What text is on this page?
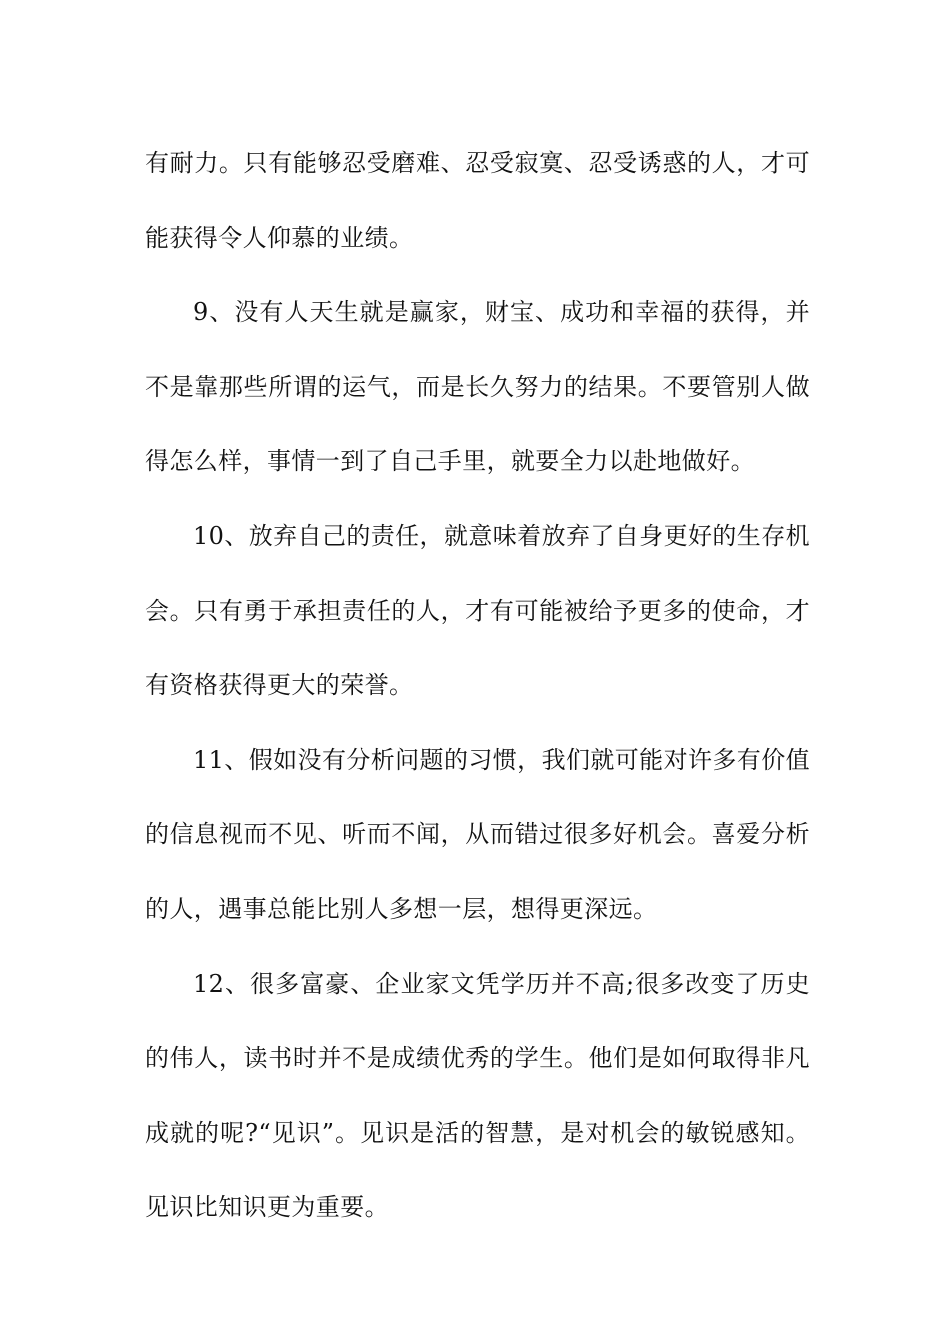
有耐力。只有能够忍受磨难、忍受寂寞、忍受诱惑的人，才可能获得令人仰慕的业绩。

9、没有人天生就是赢家，财宝、成功和幸福的获得，并不是靠那些所谓的运气，而是长久努力的结果。不要管别人做得怎么样，事情一到了自己手里，就要全力以赴地做好。

10、放弃自己的责任，就意味着放弃了自身更好的生存机会。只有勇于承担责任的人，才有可能被给予更多的使命，才有资格获得更大的荣誉。

11、假如没有分析问题的习惯，我们就可能对许多有价值的信息视而不见、听而不闻，从而错过很多好机会。喜爱分析的人，遇事总能比别人多想一层，想得更深远。

12、很多富豪、企业家文凭学历并不高;很多改变了历史的伟人，读书时并不是成绩优秀的学生。他们是如何取得非凡成就的呢?“见识”。见识是活的智慧，是对机会的敏锐感知。见识比知识更为重要。
